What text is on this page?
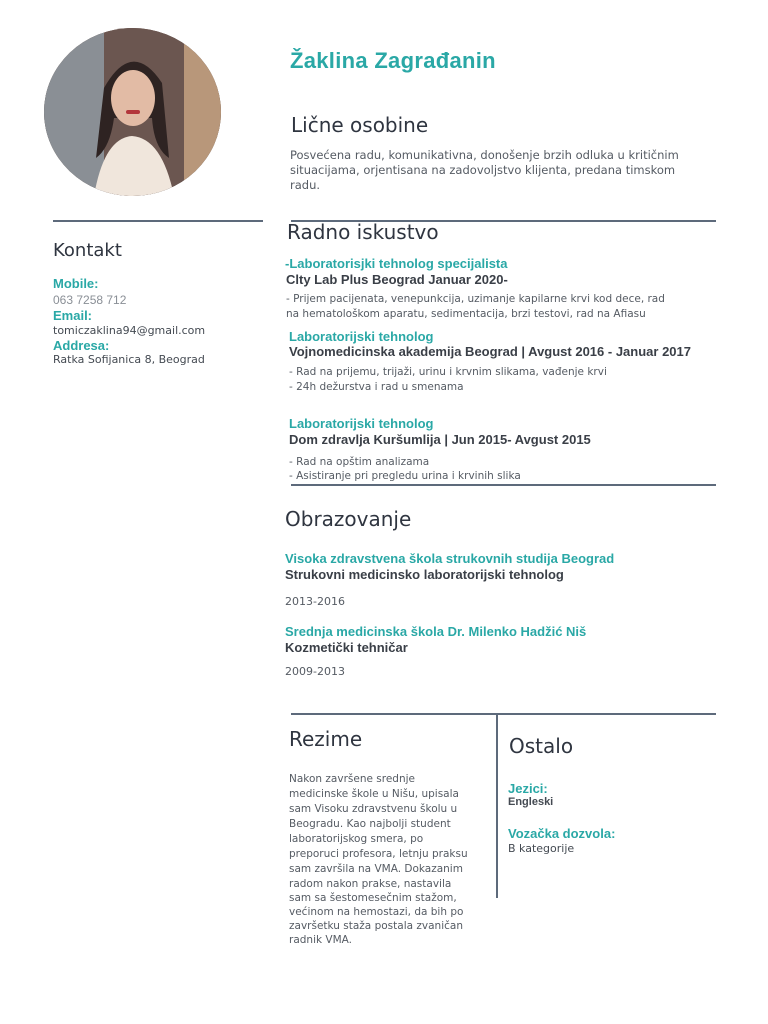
Žaklina Zagrađanin
Lične osobine
Posvećena radu, komunikativna, donošenje brzih odluka u kritičnim situacijama, orjentisana na zadovoljstvo klijenta, predana timskom radu.
Kontakt
Mobile:
063 7258 712
Email:
tomiczaklina94@gmail.com
Addresa:
Ratka Sofijanica 8, Beograd
Radno iskustvo
-Laboratorisjki tehnolog specijalista
Clty Lab Plus Beograd Januar 2020-
- Prijem pacijenata, venepunkcija, uzimanje kapilarne krvi kod dece, rad
na hematološkom aparatu, sedimentacija, brzi testovi, rad na Afiasu
Laboratorijski tehnolog
Vojnomedicinska akademija Beograd | Avgust 2016 - Januar 2017
- Rad na prijemu, trijaži, urinu i krvnim slikama, vađenje krvi
- 24h dežurstva i rad u smenama
Laboratorijski tehnolog
Dom zdravlja Kuršumlija | Jun 2015- Avgust 2015
- Rad na opštim analizama
- Asistiranje pri pregledu urina i krvinih slika
Obrazovanje
Visoka zdravstvena škola strukovnih studija Beograd
Strukovni medicinsko laboratorijski tehnolog
2013-2016
Srednja medicinska škola Dr. Milenko Hadžić Niš
Kozmetički tehničar
2009-2013
Rezime
Nakon završene srednje
medicinske škole u Nišu, upisala
sam Visoku zdravstvenu školu u
Beogradu. Kao najbolji student
laboratorijskog smera, po
preporuci profesora, letnju praksu
sam završila na VMA. Dokazanim
radom nakon prakse, nastavila
sam sa šestomesečnim stažom,
većinom na hemostazi, da bih po
završetku staža postala zvaničan
radnik VMA.
Ostalo
Jezici:
Engleski
Vozačka dozvola:
B kategorije
